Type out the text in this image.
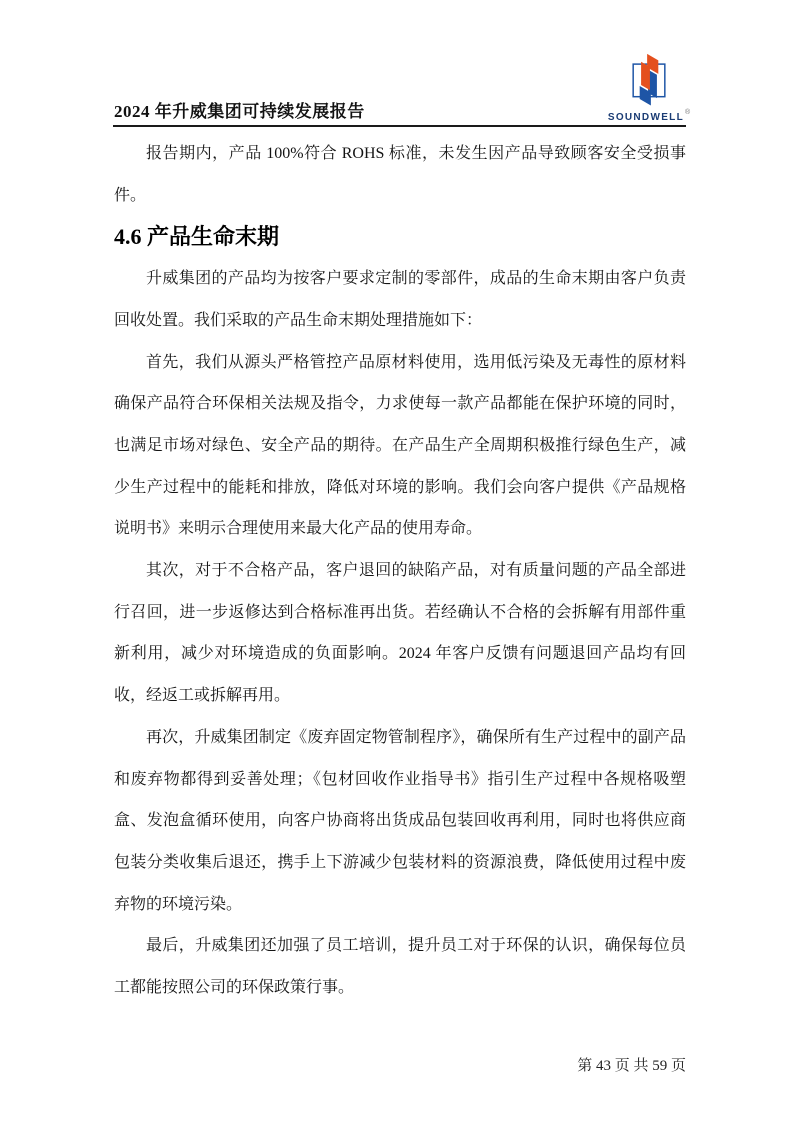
2024 年升威集团可持续发展报告	SOUNDWELL®

报告期内，产品 100%符合 ROHS 标准，未发生因产品导致顾客安全受损事件。

4.6 产品生命末期

升威集团的产品均为按客户要求定制的零部件，成品的生命末期由客户负责回收处置。我们采取的产品生命末期处理措施如下：

首先，我们从源头严格管控产品原材料使用，选用低污染及无毒性的原材料确保产品符合环保相关法规及指令，力求使每一款产品都能在保护环境的同时，也满足市场对绿色、安全产品的期待。在产品生产全周期积极推行绿色生产，减少生产过程中的能耗和排放，降低对环境的影响。我们会向客户提供《产品规格说明书》来明示合理使用来最大化产品的使用寿命。

其次，对于不合格产品，客户退回的缺陷产品，对有质量问题的产品全部进行召回，进一步返修达到合格标准再出货。若经确认不合格的会拆解有用部件重新利用，减少对环境造成的负面影响。2024 年客户反馈有问题退回产品均有回收，经返工或拆解再用。

再次，升威集团制定《废弃固定物管制程序》，确保所有生产过程中的副产品和废弃物都得到妥善处理；《包材回收作业指导书》指引生产过程中各规格吸塑盒、发泡盒循环使用，向客户协商将出货成品包装回收再利用，同时也将供应商包装分类收集后退还，携手上下游减少包装材料的资源浪费，降低使用过程中废弃物的环境污染。

最后，升威集团还加强了员工培训，提升员工对于环保的认识，确保每位员工都能按照公司的环保政策行事。

第 43 页 共 59 页
